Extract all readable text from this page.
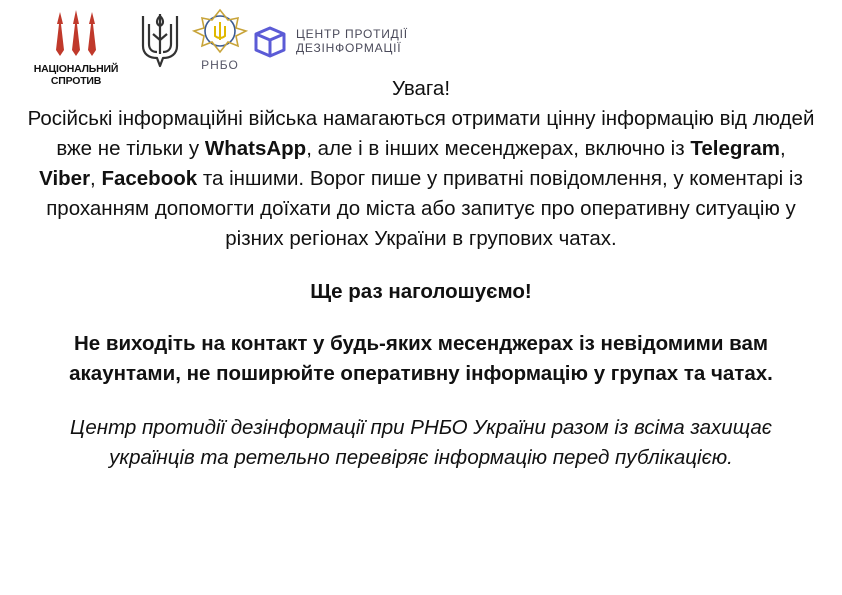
НАЦІОНАЛЬНИЙ
СПРОТИВ
РНБО
ЦЕНТР ПРОТИДІЇ
ДЕЗІНФОРМАЦІЇ

Увага!

Російські інформаційні війська намагаються отримати цінну інформацію від людей вже не тільки у WhatsApp, але і в інших месенджерах, включно із Telegram, Viber, Facebook та іншими. Ворог пише у приватні повідомлення, у коментарі із проханням допомогти доїхати до міста або запитує про оперативну ситуацію у різних регіонах України в групових чатах.

Ще раз наголошуємо!

Не виходіть на контакт у будь-яких месенджерах із невідомими вам акаунтами, не поширюйте оперативну інформацію у групах та чатах.

Центр протидії дезінформації при РНБО України разом із всіма захищає українців та ретельно перевіряє інформацію перед публікацією.
